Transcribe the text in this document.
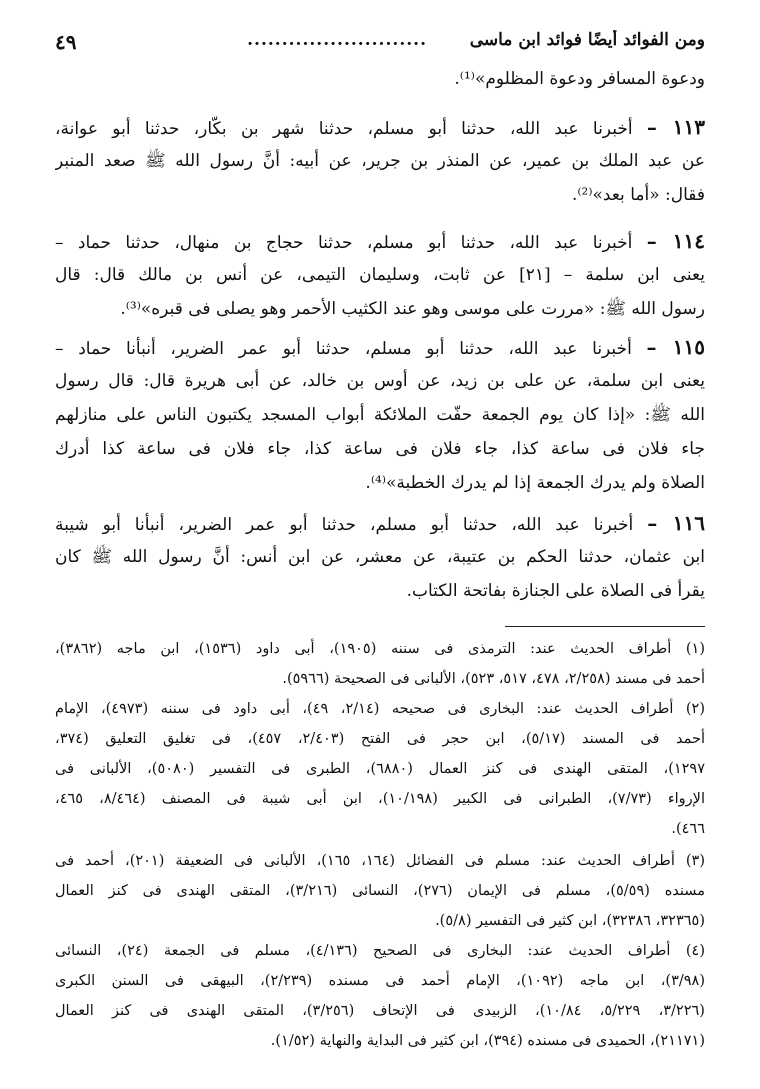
ومن الفوائد أيضًا فوائد ابن ماسى
..........................
٤٩
ودعوة المسافر ودعوة المظلوم»⁽¹⁾.
١١٣ – أخبرنا عبد الله، حدثنا أبو مسلم، حدثنا شهر بن بكّار، حدثنا أبو عوانة،
عن عبد الملك بن عمير، عن المنذر بن جرير، عن أبيه: أنَّ رسول الله ﷺ صعد المنبر
فقال: «أما بعد»⁽²⁾.
١١٤ – أخبرنا عبد الله، حدثنا أبو مسلم، حدثنا حجاج بن منهال، حدثنا حماد –
يعنى ابن سلمة – [٢١] عن ثابت، وسليمان التيمى، عن أنس بن مالك قال: قال
رسول الله ﷺ: «مررت على موسى وهو عند الكثيب الأحمر وهو يصلى فى قبره»⁽³⁾.
١١٥ – أخبرنا عبد الله، حدثنا أبو مسلم، حدثنا أبو عمر الضرير، أنبأنا حماد –
يعنى ابن سلمة، عن على بن زيد، عن أوس بن خالد، عن أبى هريرة قال: قال رسول
الله ﷺ: «إذا كان يوم الجمعة حفّت الملائكة أبواب المسجد يكتبون الناس على منازلهم
جاء فلان فى ساعة كذا، جاء فلان فى ساعة كذا، جاء فلان فى ساعة كذا أدرك
الصلاة ولم يدرك الجمعة إذا لم يدرك الخطبة»⁽⁴⁾.
١١٦ – أخبرنا عبد الله، حدثنا أبو مسلم، حدثنا أبو عمر الضرير، أنبأنا أبو شيبة
ابن عثمان، حدثنا الحكم بن عتيبة، عن معشر، عن ابن أنس: أنَّ رسول الله ﷺ كان
يقرأ فى الصلاة على الجنازة بفاتحة الكتاب.
(١) أطراف الحديث عند: الترمذى فى سننه (١٩٠٥)، أبى داود (١٥٣٦)، ابن ماجه (٣٨٦٢)،
أحمد فى مسند (٢/٢٥٨، ٤٧٨، ٥١٧، ٥٢٣)، الألبانى فى الصحيحة (٥٩٦٦).
(٢) أطراف الحديث عند: البخارى فى صحيحه (٢/١٤، ٤٩)، أبى داود فى سننه (٤٩٧٣)، الإمام
أحمد فى المسند (٥/١٧)، ابن حجر فى الفتح (٢/٤٠٣، ٤٥٧)، فى تغليق التعليق (٣٧٤،
١٢٩٧)، المتقى الهندى فى كنز العمال (٦٨٨٠)، الطبرى فى التفسير (٥٠٨٠)، الألبانى فى
الإرواء (٧/٧٣)، الطبرانى فى الكبير (١٠/١٩٨)، ابن أبى شيبة فى المصنف (٨/٤٦٤، ٤٦٥،
٤٦٦).
(٣) أطراف الحديث عند: مسلم فى الفضائل (١٦٤، ١٦٥)، الألبانى فى الضعيفة (٢٠١)، أحمد فى
مسنده (٥/٥٩)، مسلم فى الإيمان (٢٧٦)، النسائى (٣/٢١٦)، المتقى الهندى فى كنز العمال
(٣٢٣٦٥، ٣٢٣٨٦)، ابن كثير فى التفسير (٥/٨).
(٤) أطراف الحديث عند: البخارى فى الصحيح (٤/١٣٦)، مسلم فى الجمعة (٢٤)، النسائى
(٣/٩٨)، ابن ماجه (١٠٩٢)، الإمام أحمد فى مسنده (٢/٢٣٩)، البيهقى فى السنن الكبرى
(٣/٢٢٦، ٥/٢٢٩، ١٠/٨٤)، الزبيدى فى الإتحاف (٣/٢٥٦)، المتقى الهندى فى كنز العمال
(٢١١٧١)، الحميدى فى مسنده (٣٩٤)، ابن كثير فى البداية والنهاية (١/٥٢).
